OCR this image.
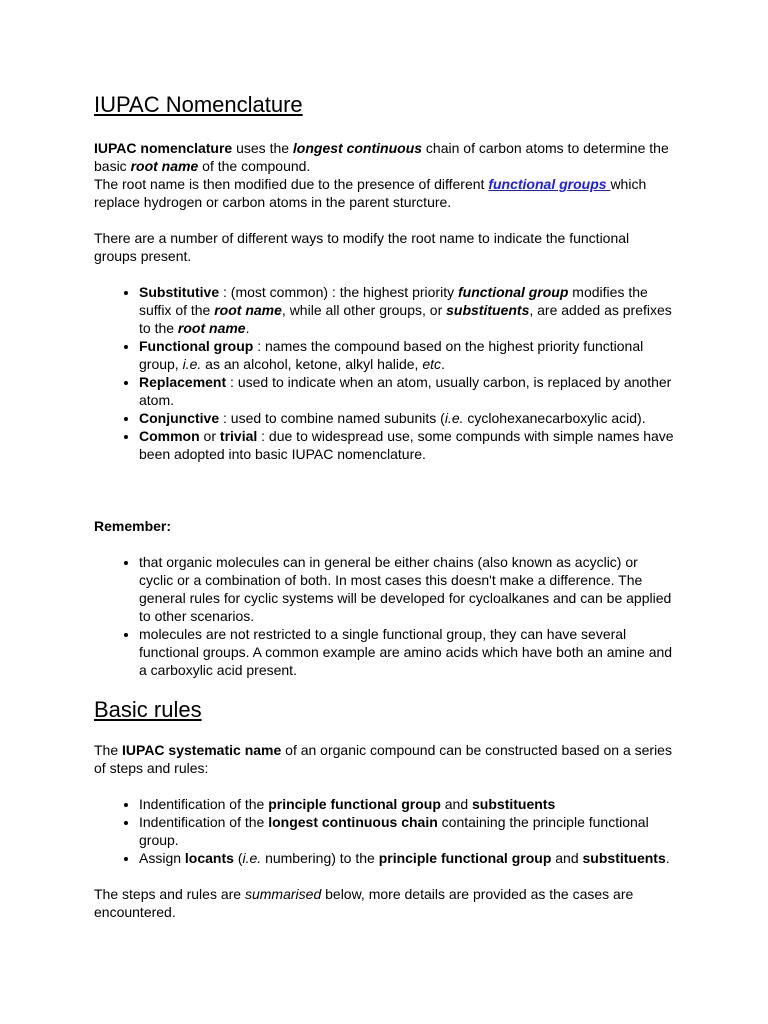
IUPAC Nomenclature

IUPAC nomenclature uses the longest continuous chain of carbon atoms to determine the basic root name of the compound.

The root name is then modified due to the presence of different functional groups which replace hydrogen or carbon atoms in the parent sturcture.

There are a number of different ways to modify the root name to indicate the functional groups present.

• Substitutive : (most common) : the highest priority functional group modifies the suffix of the root name, while all other groups, or substituents, are added as prefixes to the root name.
• Functional group : names the compound based on the highest priority functional group, i.e. as an alcohol, ketone, alkyl halide, etc.
• Replacement : used to indicate when an atom, usually carbon, is replaced by another atom.
• Conjunctive : used to combine named subunits (i.e. cyclohexanecarboxylic acid).
• Common or trivial : due to widespread use, some compunds with simple names have been adopted into basic IUPAC nomenclature.
Remember:
• that organic molecules can in general be either chains (also known as acyclic) or cyclic or a combination of both. In most cases this doesn't make a difference. The general rules for cyclic systems will be developed for cycloalkanes and can be applied to other scenarios.
• molecules are not restricted to a single functional group, they can have several functional groups. A common example are amino acids which have both an amine and a carboxylic acid present.
Basic rules

The IUPAC systematic name of an organic compound can be constructed based on a series of steps and rules:

• Indentification of the principle functional group and substituents
• Indentification of the longest continuous chain containing the principle functional group.
• Assign locants (i.e. numbering) to the principle functional group and substituents.

The steps and rules are summarised below, more details are provided as the cases are encountered.
